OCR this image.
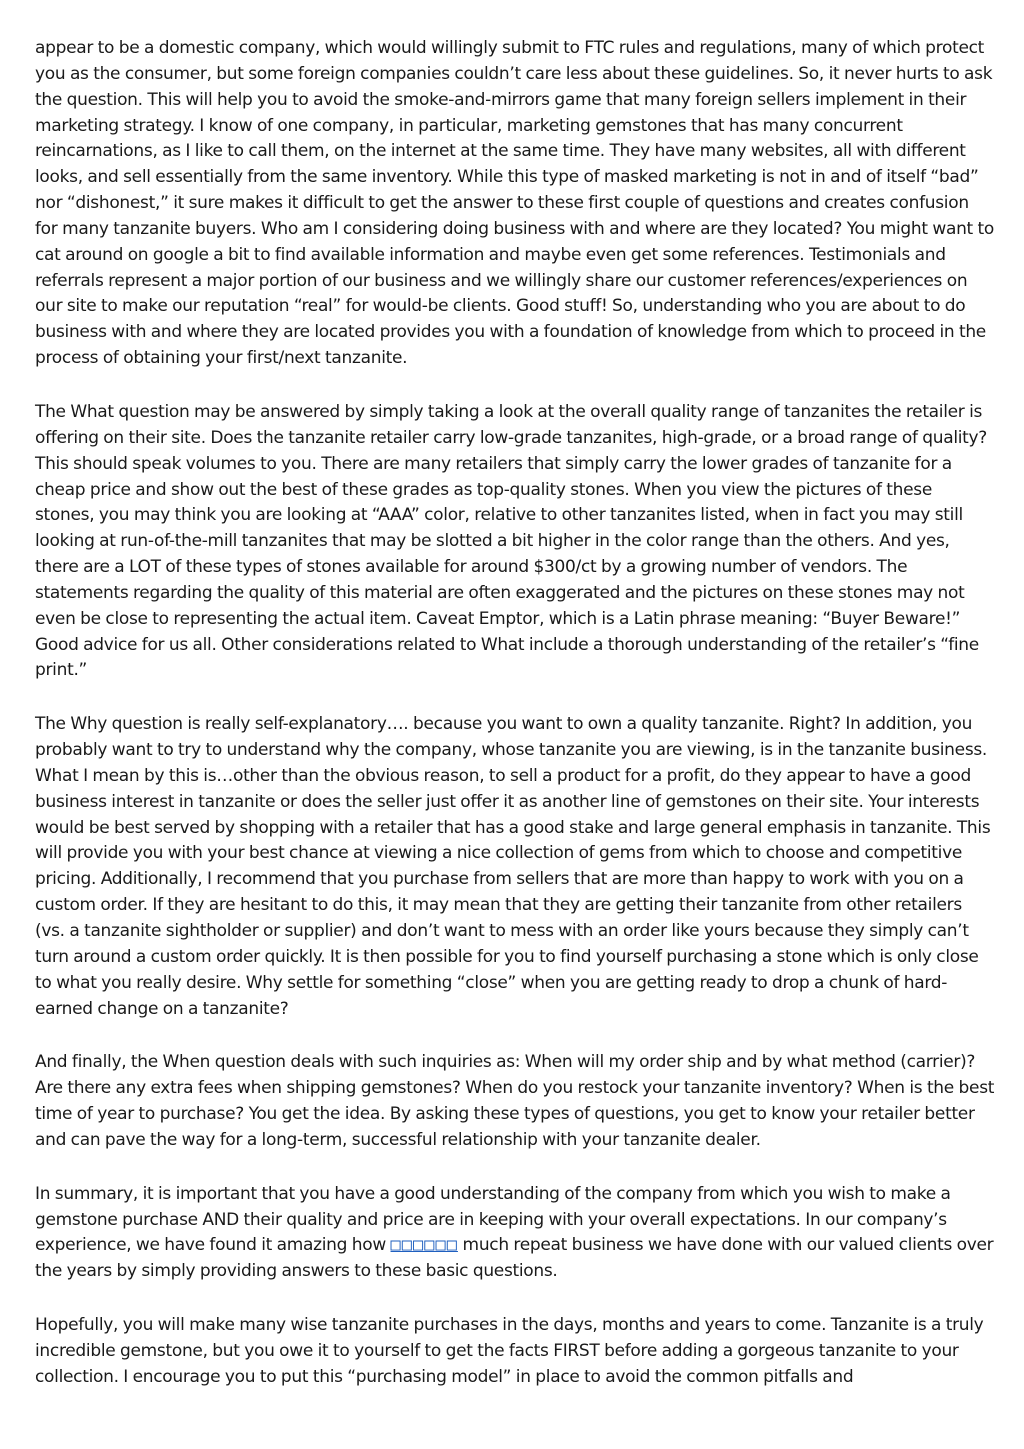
appear to be a domestic company, which would willingly submit to FTC rules and regulations, many of which protect you as the consumer, but some foreign companies couldn’t care less about these guidelines. So, it never hurts to ask the question. This will help you to avoid the smoke-and-mirrors game that many foreign sellers implement in their marketing strategy. I know of one company, in particular, marketing gemstones that has many concurrent reincarnations, as I like to call them, on the internet at the same time. They have many websites, all with different looks, and sell essentially from the same inventory. While this type of masked marketing is not in and of itself “bad” nor “dishonest,” it sure makes it difficult to get the answer to these first couple of questions and creates confusion for many tanzanite buyers. Who am I considering doing business with and where are they located? You might want to cat around on google a bit to find available information and maybe even get some references. Testimonials and referrals represent a major portion of our business and we willingly share our customer references/experiences on our site to make our reputation “real” for would-be clients. Good stuff! So, understanding who you are about to do business with and where they are located provides you with a foundation of knowledge from which to proceed in the process of obtaining your first/next tanzanite.

The What question may be answered by simply taking a look at the overall quality range of tanzanites the retailer is offering on their site. Does the tanzanite retailer carry low-grade tanzanites, high-grade, or a broad range of quality? This should speak volumes to you. There are many retailers that simply carry the lower grades of tanzanite for a cheap price and show out the best of these grades as top-quality stones. When you view the pictures of these stones, you may think you are looking at “AAA” color, relative to other tanzanites listed, when in fact you may still looking at run-of-the-mill tanzanites that may be slotted a bit higher in the color range than the others. And yes, there are a LOT of these types of stones available for around $300/ct by a growing number of vendors. The statements regarding the quality of this material are often exaggerated and the pictures on these stones may not even be close to representing the actual item. Caveat Emptor, which is a Latin phrase meaning: “Buyer Beware!” Good advice for us all. Other considerations related to What include a thorough understanding of the retailer’s “fine print.”

The Why question is really self-explanatory…. because you want to own a quality tanzanite. Right? In addition, you probably want to try to understand why the company, whose tanzanite you are viewing, is in the tanzanite business. What I mean by this is…other than the obvious reason, to sell a product for a profit, do they appear to have a good business interest in tanzanite or does the seller just offer it as another line of gemstones on their site. Your interests would be best served by shopping with a retailer that has a good stake and large general emphasis in tanzanite. This will provide you with your best chance at viewing a nice collection of gems from which to choose and competitive pricing. Additionally, I recommend that you purchase from sellers that are more than happy to work with you on a custom order. If they are hesitant to do this, it may mean that they are getting their tanzanite from other retailers (vs. a tanzanite sightholder or supplier) and don’t want to mess with an order like yours because they simply can’t turn around a custom order quickly. It is then possible for you to find yourself purchasing a stone which is only close to what you really desire. Why settle for something “close” when you are getting ready to drop a chunk of hard-earned change on a tanzanite?

And finally, the When question deals with such inquiries as: When will my order ship and by what method (carrier)? Are there any extra fees when shipping gemstones? When do you restock your tanzanite inventory? When is the best time of year to purchase? You get the idea. By asking these types of questions, you get to know your retailer better and can pave the way for a long-term, successful relationship with your tanzanite dealer.

In summary, it is important that you have a good understanding of the company from which you wish to make a gemstone purchase AND their quality and price are in keeping with your overall expectations. In our company’s experience, we have found it amazing how □□□□□□ much repeat business we have done with our valued clients over the years by simply providing answers to these basic questions.

Hopefully, you will make many wise tanzanite purchases in the days, months and years to come. Tanzanite is a truly incredible gemstone, but you owe it to yourself to get the facts FIRST before adding a gorgeous tanzanite to your collection. I encourage you to put this “purchasing model” in place to avoid the common pitfalls and
